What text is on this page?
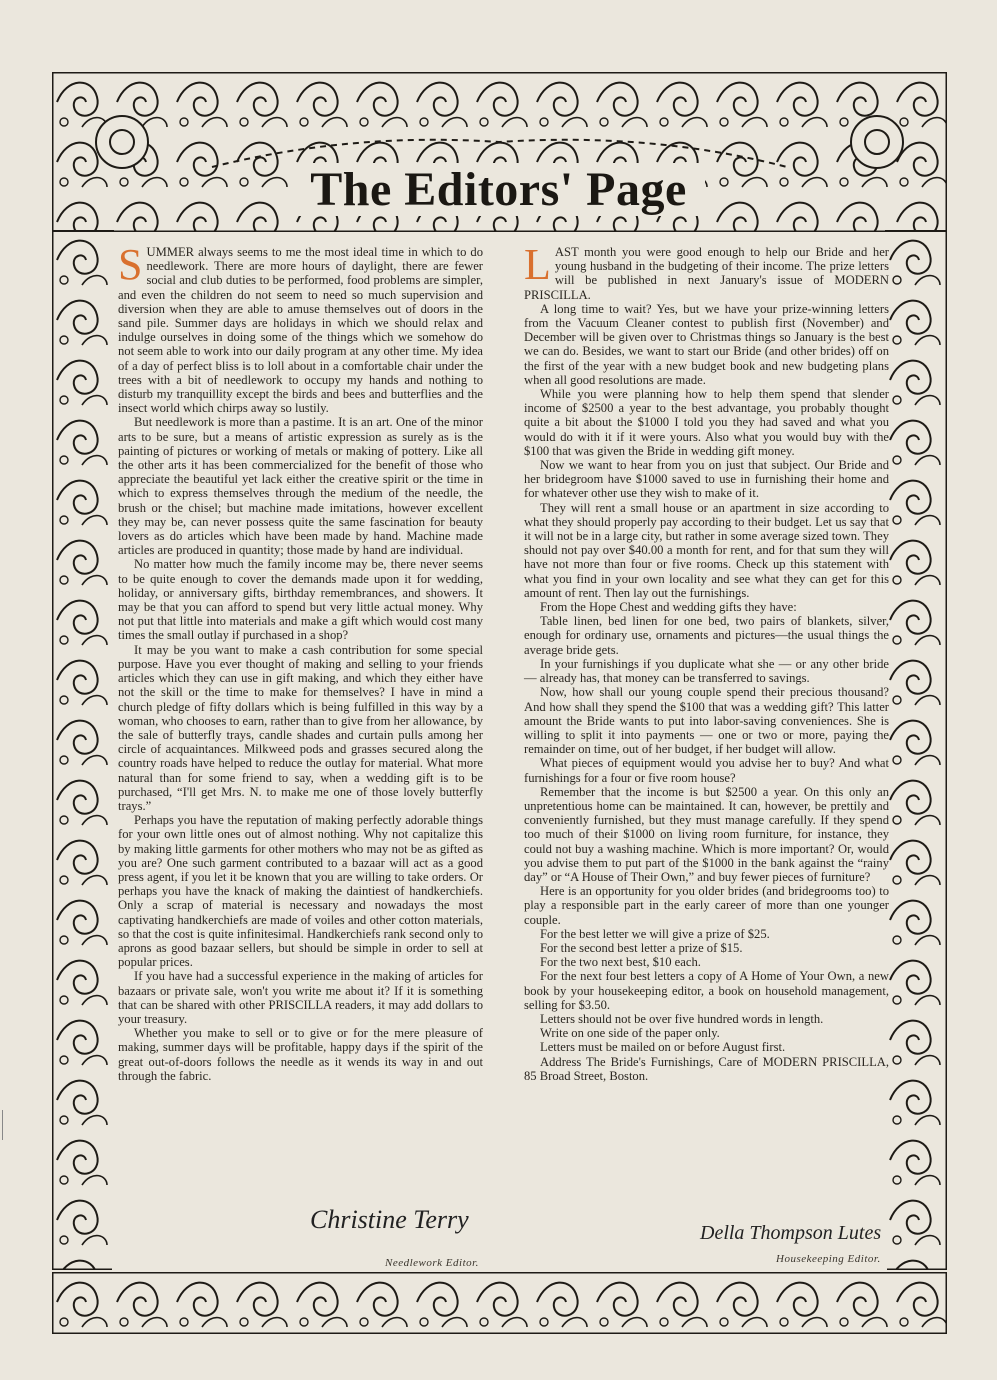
The Editors' Page

SUMMER always seems to me the most ideal time in which to do needlework. There are more hours of daylight, there are fewer social and club duties to be performed, food problems are simpler, and even the children do not seem to need so much supervision and diversion when they are able to amuse themselves out of doors in the sand pile. Summer days are holidays in which we should relax and indulge ourselves in doing some of the things which we somehow do not seem able to work into our daily program at any other time. My idea of a day of perfect bliss is to loll about in a comfortable chair under the trees with a bit of needlework to occupy my hands and nothing to disturb my tranquillity except the birds and bees and butterflies and the insect world which chirps away so lustily.

But needlework is more than a pastime. It is an art. One of the minor arts to be sure, but a means of artistic expression as surely as is the painting of pictures or working of metals or making of pottery. Like all the other arts it has been commercialized for the benefit of those who appreciate the beautiful yet lack either the creative spirit or the time in which to express themselves through the medium of the needle, the brush or the chisel; but machine made imitations, however excellent they may be, can never possess quite the same fascination for beauty lovers as do articles which have been made by hand. Machine made articles are produced in quantity; those made by hand are individual.

No matter how much the family income may be, there never seems to be quite enough to cover the demands made upon it for wedding, holiday, or anniversary gifts, birthday remembrances, and showers. It may be that you can afford to spend but very little actual money. Why not put that little into materials and make a gift which would cost many times the small outlay if purchased in a shop?

It may be you want to make a cash contribution for some special purpose. Have you ever thought of making and selling to your friends articles which they can use in gift making, and which they either have not the skill or the time to make for themselves? I have in mind a church pledge of fifty dollars which is being fulfilled in this way by a woman, who chooses to earn, rather than to give from her allowance, by the sale of butterfly trays, candle shades and curtain pulls among her circle of acquaintances. Milkweed pods and grasses secured along the country roads have helped to reduce the outlay for material. What more natural than for some friend to say, when a wedding gift is to be purchased, “I'll get Mrs. N. to make me one of those lovely butterfly trays.”

Perhaps you have the reputation of making perfectly adorable things for your own little ones out of almost nothing. Why not capitalize this by making little garments for other mothers who may not be as gifted as you are? One such garment contributed to a bazaar will act as a good press agent, if you let it be known that you are willing to take orders. Or perhaps you have the knack of making the daintiest of handkerchiefs. Only a scrap of material is necessary and nowadays the most captivating handkerchiefs are made of voiles and other cotton materials, so that the cost is quite infinitesimal. Handkerchiefs rank second only to aprons as good bazaar sellers, but should be simple in order to sell at popular prices.

If you have had a successful experience in the making of articles for bazaars or private sale, won't you write me about it? If it is something that can be shared with other PRISCILLA readers, it may add dollars to your treasury.

Whether you make to sell or to give or for the mere pleasure of making, summer days will be profitable, happy days if the spirit of the great out-of-doors follows the needle as it wends its way in and out through the fabric.

LAST month you were good enough to help our Bride and her young husband in the budgeting of their income. The prize letters will be published in next January's issue of MODERN PRISCILLA.

A long time to wait? Yes, but we have your prize-winning letters from the Vacuum Cleaner contest to publish first (November) and December will be given over to Christmas things so January is the best we can do. Besides, we want to start our Bride (and other brides) off on the first of the year with a new budget book and new budgeting plans when all good resolutions are made.

While you were planning how to help them spend that slender income of $2500 a year to the best advantage, you probably thought quite a bit about the $1000 I told you they had saved and what you would do with it if it were yours. Also what you would buy with the $100 that was given the Bride in wedding gift money.

Now we want to hear from you on just that subject. Our Bride and her bridegroom have $1000 saved to use in furnishing their home and for whatever other use they wish to make of it.

They will rent a small house or an apartment in size according to what they should properly pay according to their budget. Let us say that it will not be in a large city, but rather in some average sized town. They should not pay over $40.00 a month for rent, and for that sum they will have not more than four or five rooms. Check up this statement with what you find in your own locality and see what they can get for this amount of rent. Then lay out the furnishings.

From the Hope Chest and wedding gifts they have:

Table linen, bed linen for one bed, two pairs of blankets, silver, enough for ordinary use, ornaments and pictures—the usual things the average bride gets.

In your furnishings if you duplicate what she — or any other bride — already has, that money can be transferred to savings.

Now, how shall our young couple spend their precious thousand? And how shall they spend the $100 that was a wedding gift? This latter amount the Bride wants to put into labor-saving conveniences. She is willing to split it into payments — one or two or more, paying the remainder on time, out of her budget, if her budget will allow.

What pieces of equipment would you advise her to buy? And what furnishings for a four or five room house?

Remember that the income is but $2500 a year. On this only an unpretentious home can be maintained. It can, however, be prettily and conveniently furnished, but they must manage carefully. If they spend too much of their $1000 on living room furniture, for instance, they could not buy a washing machine. Which is more important? Or, would you advise them to put part of the $1000 in the bank against the “rainy day” or “A House of Their Own,” and buy fewer pieces of furniture?

Here is an opportunity for you older brides (and bridegrooms too) to play a responsible part in the early career of more than one younger couple.

For the best letter we will give a prize of $25.

For the second best letter a prize of $15.

For the two next best, $10 each.

For the next four best letters a copy of A Home of Your Own, a new book by your housekeeping editor, a book on household management, selling for $3.50.

Letters should not be over five hundred words in length.

Write on one side of the paper only.

Letters must be mailed on or before August first.

Address The Bride's Furnishings, Care of MODERN PRISCILLA, 85 Broad Street, Boston.

Christine Terry
Needlework Editor.
Della Thompson Lutes
Housekeeping Editor.
